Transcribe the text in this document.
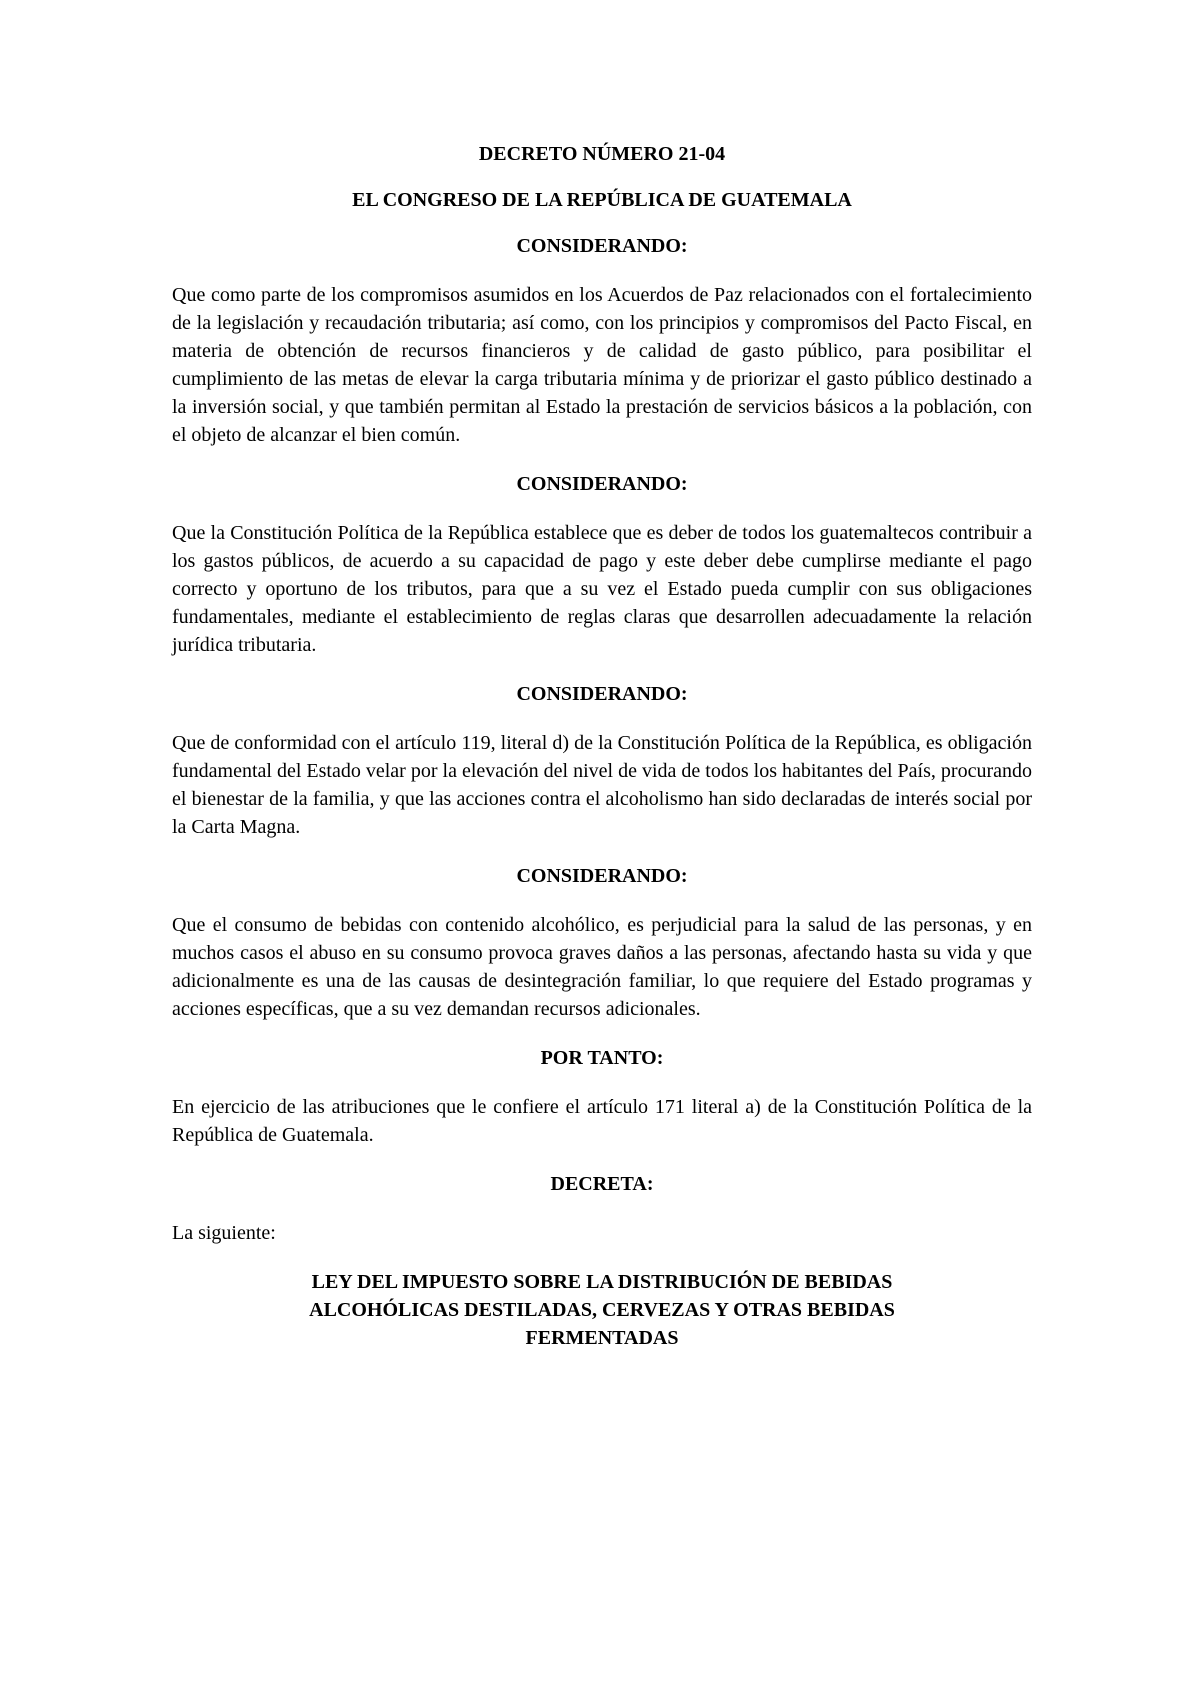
DECRETO NÚMERO 21-04

EL CONGRESO DE LA REPÚBLICA DE GUATEMALA

CONSIDERANDO:

Que como parte de los compromisos asumidos en los Acuerdos de Paz relacionados con el fortalecimiento de la legislación y recaudación tributaria; así como, con los principios y compromisos del Pacto Fiscal, en materia de obtención de recursos financieros y de calidad de gasto público, para posibilitar el cumplimiento de las metas de elevar la carga tributaria mínima y de priorizar el gasto público destinado a la inversión social, y que también permitan al Estado la prestación de servicios básicos a la población, con el objeto de alcanzar el bien común.

CONSIDERANDO:

Que la Constitución Política de la República establece que es deber de todos los guatemaltecos contribuir a los gastos públicos, de acuerdo a su capacidad de pago y este deber debe cumplirse mediante el pago correcto y oportuno de los tributos, para que a su vez el Estado pueda cumplir con sus obligaciones fundamentales, mediante el establecimiento de reglas claras que desarrollen adecuadamente la relación jurídica tributaria.

CONSIDERANDO:

Que de conformidad con el artículo 119, literal d) de la Constitución Política de la República, es obligación fundamental del Estado velar por la elevación del nivel de vida de todos los habitantes del País, procurando el bienestar de la familia, y que las acciones contra el alcoholismo han sido declaradas de interés social por la Carta Magna.

CONSIDERANDO:

Que el consumo de bebidas con contenido alcohólico, es perjudicial para la salud de las personas, y en muchos casos el abuso en su consumo provoca graves daños a las personas, afectando hasta su vida y que adicionalmente es una de las causas de desintegración familiar, lo que requiere del Estado programas y acciones específicas, que a su vez demandan recursos adicionales.

POR TANTO:

En ejercicio de las atribuciones que le confiere el artículo 171 literal a) de la Constitución Política de la República de Guatemala.

DECRETA:

La siguiente:

LEY DEL IMPUESTO SOBRE LA DISTRIBUCIÓN DE BEBIDAS

ALCOHÓLICAS DESTILADAS, CERVEZAS Y OTRAS BEBIDAS

FERMENTADAS
